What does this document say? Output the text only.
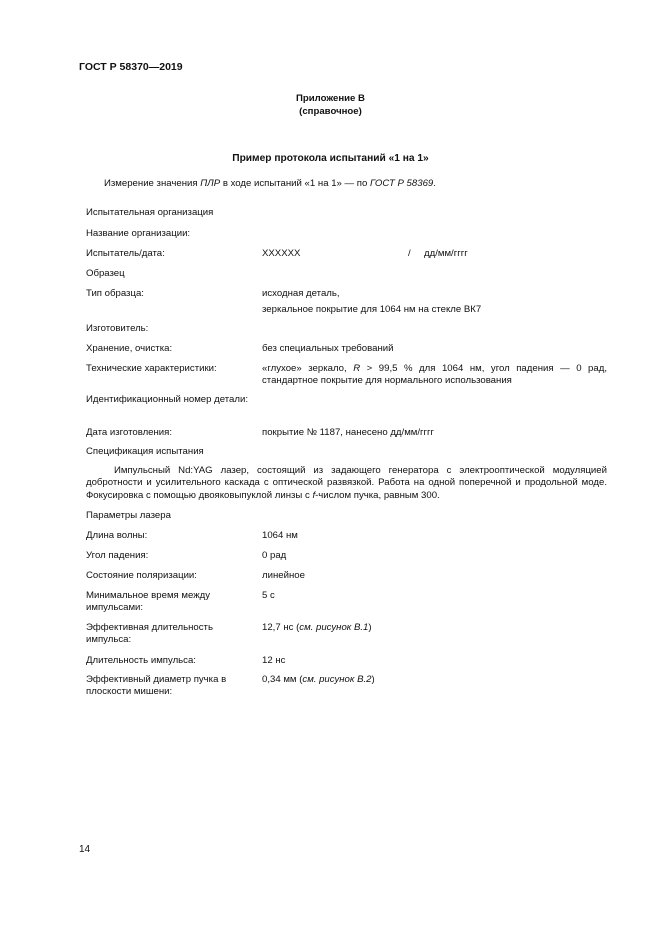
ГОСТ Р 58370—2019
Приложение В
(справочное)
Пример протокола испытаний «1 на 1»
Измерение значения ПЛР в ходе испытаний «1 на 1» — по ГОСТ Р 58369.
Испытательная организация
Название организации:
Испытатель/дата:	XXXXXX	/ дд/мм/гггг
Образец
Тип образца:	исходная деталь,
зеркальное покрытие для 1064 нм на стекле ВК7
Изготовитель:
Хранение, очистка:	без специальных требований
Технические характеристики:	«глухое» зеркало, R > 99,5 % для 1064 нм, угол падения — 0 рад, стандартное покрытие для нормального использования
Идентификационный номер детали:
Дата изготовления:	покрытие № 1187, нанесено дд/мм/гггг
Спецификация испытания
Импульсный Nd:YAG лазер, состоящий из задающего генератора с электрооптической модуляцией добротности и усилительного каскада с оптической развязкой. Работа на одной поперечной и продольной моде. Фокусировка с помощью двояковыпуклой линзы с f-числом пучка, равным 300.
Параметры лазера
Длина волны:	1064 нм
Угол падения:	0 рад
Состояние поляризации:	линейное
Минимальное время между импульсами:
5 с
Эффективная длительность импульса:
12,7 нс (см. рисунок В.1)
Длительность импульса:	12 нс
Эффективный диаметр пучка в плоскости мишени:
0,34 мм (см. рисунок В.2)
14
